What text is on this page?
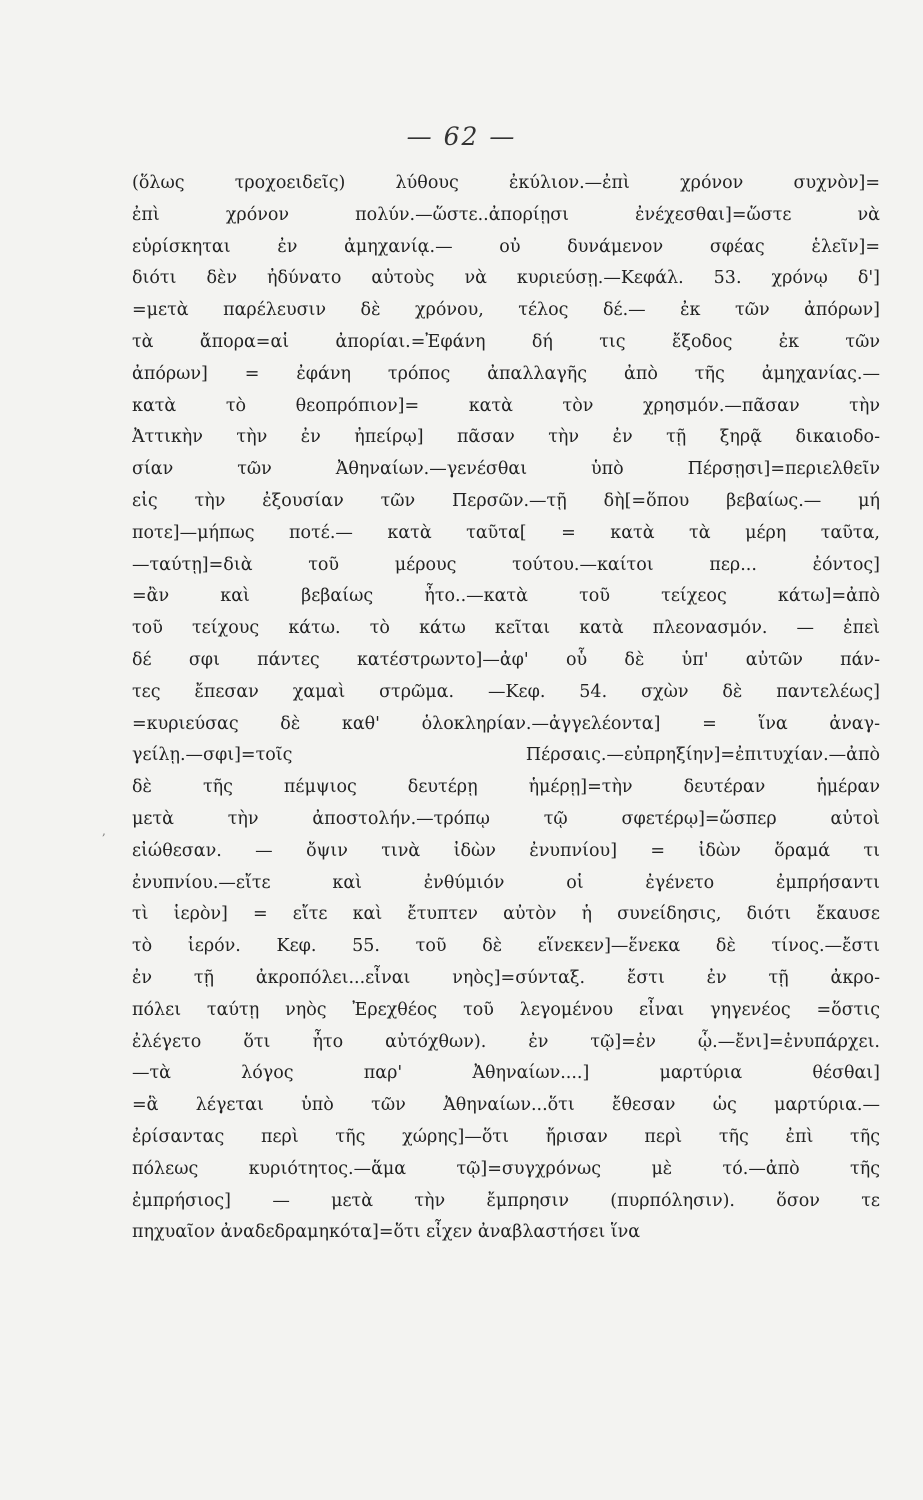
— 62 —
,
(ὅλως τροχοειδεῖς) λύθους ἐκύλιον.—ἐπὶ χρόνον συχνὸν]=
ἐπὶ χρόνον πολύν.—ὥστε..ἀπορίῃσι ἐνέχεσθαι]=ὥστε νὰ
εὑρίσκηται ἐν ἀμηχανίᾳ.— οὐ δυνάμενον σφέας ἑλεῖν]=
διότι δὲν ἠδύνατο αὐτοὺς νὰ κυριεύσῃ.—Κεφάλ. 53. χρόνῳ δ']
=μετὰ παρέλευσιν δὲ χρόνου, τέλος δέ.— ἐκ τῶν ἀπόρων]
τὰ ἄπορα=αἱ ἀπορίαι.=Ἐφάνη δή τις ἔξοδος ἐκ τῶν
ἀπόρων] = ἐφάνη τρόπος ἀπαλλαγῆς ἀπὸ τῆς ἀμηχανίας.—
κατὰ τὸ θεοπρόπιον]= κατὰ τὸν χρησμόν.—πᾶσαν τὴν
Ἀττικὴν τὴν ἐν ἠπείρῳ] πᾶσαν τὴν ἐν τῇ ξηρᾷ δικαιοδο-
σίαν τῶν Ἀθηναίων.—γενέσθαι ὑπὸ Πέρσῃσι]=περιελθεῖν
εἰς τὴν ἐξουσίαν τῶν Περσῶν.—τῇ δὴ[=ὅπου βεβαίως.— μή
ποτε]—μήπως ποτέ.— κατὰ ταῦτα[ = κατὰ τὰ μέρη ταῦτα,
—ταύτῃ]=διὰ τοῦ μέρους τούτου.—καίτοι περ... ἐόντος]
=ἂν καὶ βεβαίως ἦτο..—κατὰ τοῦ τείχεος κάτω]=ἀπὸ
τοῦ τείχους κάτω. τὸ κάτω κεῖται κατὰ πλεονασμόν. — ἐπεὶ
δέ σφι πάντες κατέστρωντο]—ἀφ' οὗ δὲ ὑπ' αὐτῶν πάν-
τες ἔπεσαν χαμαὶ στρῶμα. —Κεφ. 54. σχὼν δὲ παντελέως]
=κυριεύσας δὲ καθ' ὁλοκληρίαν.—ἀγγελέοντα] = ἵνα ἀναγ-
γείλῃ.—σφι]=τοῖς Πέρσαις.—εὐπρηξίην]=ἐπιτυχίαν.—ἀπὸ
δὲ τῆς πέμψιος δευτέρῃ ἡμέρῃ]=τὴν δευτέραν ἡμέραν
μετὰ τὴν ἀποστολήν.—τρόπῳ τῷ σφετέρῳ]=ὥσπερ αὐτοὶ
εἰώθεσαν. — ὄψιν τινὰ ἰδὼν ἐνυπνίου] = ἰδὼν ὅραμά τι
ἐνυπνίου.—εἴτε καὶ ἐνθύμιόν οἱ ἐγένετο ἐμπρήσαντι
τὶ ἱερὸν] = εἴτε καὶ ἔτυπτεν αὐτὸν ἡ συνείδησις, διότι ἔκαυσε
τὸ ἱερόν. Κεφ. 55. τοῦ δὲ εἵνεκεν]—ἕνεκα δὲ τίνος.—ἔστι
ἐν τῇ ἀκροπόλει...εἶναι νηὸς]=σύνταξ. ἔστι ἐν τῇ ἀκρο-
πόλει ταύτῃ νηὸς Ἐρεχθέος τοῦ λεγομένου εἶναι γηγενέος =ὅστις
ἐλέγετο ὅτι ἦτο αὐτόχθων). ἐν τῷ]=ἐν ᾧ.—ἔνι]=ἐνυπάρχει.
—τὰ λόγος παρ' Ἀθηναίων....] μαρτύρια θέσθαι]
=ἃ λέγεται ὑπὸ τῶν Ἀθηναίων...ὅτι ἔθεσαν ὡς μαρτύρια.—
ἐρίσαντας περὶ τῆς χώρης]—ὅτι ἤρισαν περὶ τῆς ἐπὶ τῆς
πόλεως κυριότητος.—ἅμα τῷ]=συγχρόνως μὲ τό.—ἀπὸ τῆς
ἐμπρήσιος] — μετὰ τὴν ἔμπρησιν (πυρπόλησιν). ὅσον τε
πηχυαῖον ἀναδεδραμηκότα]=ὅτι εἶχεν ἀναβλαστήσει ἵνα
